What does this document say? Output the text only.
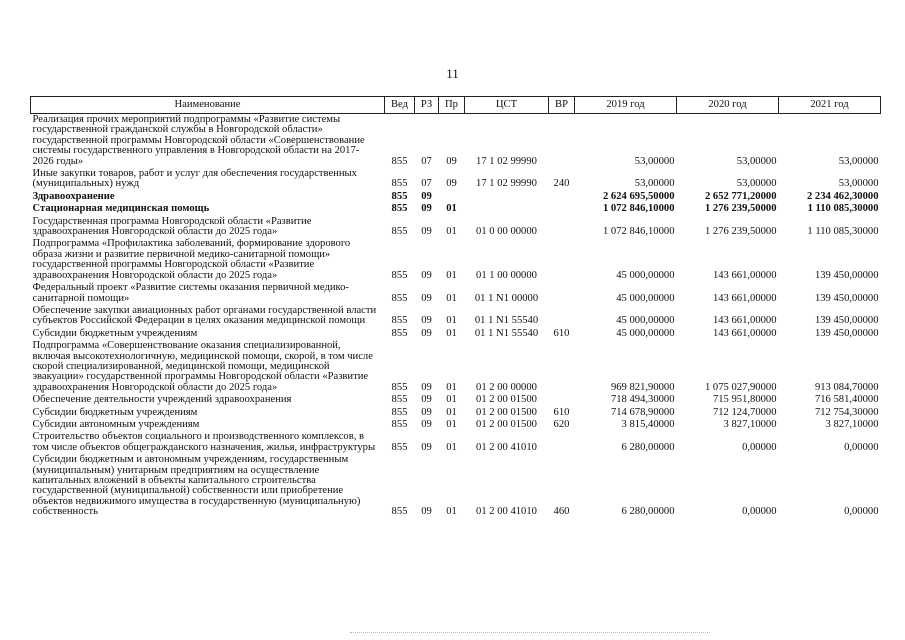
11
Наименование	Вед	РЗ	Пр	ЦСТ	ВР	2019 год	2020 год	2021 год
Реализация прочих мероприятий подпрограммы «Развитие системы государственной гражданской службы в Новгородской области» государственной программы Новгородской области «Совершенствование системы государственного управления в Новгородской области на 2017-2026 годы»	855	07	09	17 1 02 99990		53,00000	53,00000	53,00000
Иные закупки товаров, работ и услуг для обеспечения государственных (муниципальных) нужд	855	07	09	17 1 02 99990	240	53,00000	53,00000	53,00000
Здравоохранение	855	09				2 624 695,50000	2 652 771,20000	2 234 462,30000
Стационарная медицинская помощь	855	09	01			1 072 846,10000	1 276 239,50000	1 110 085,30000
Государственная программа Новгородской области «Развитие здравоохранения Новгородской области до 2025 года»	855	09	01	01 0 00 00000		1 072 846,10000	1 276 239,50000	1 110 085,30000
Подпрограмма «Профилактика заболеваний, формирование здорового образа жизни и развитие первичной медико-санитарной помощи» государственной программы Новгородской области «Развитие здравоохранения Новгородской области до 2025 года»	855	09	01	01 1 00 00000		45 000,00000	143 661,00000	139 450,00000
Федеральный проект «Развитие системы оказания первичной медико-санитарной помощи»	855	09	01	01 1 N1 00000		45 000,00000	143 661,00000	139 450,00000
Обеспечение закупки авиационных работ органами государственной власти субъектов Российской Федерации в целях оказания медицинской помощи	855	09	01	01 1 N1 55540		45 000,00000	143 661,00000	139 450,00000
Субсидии бюджетным учреждениям	855	09	01	01 1 N1 55540	610	45 000,00000	143 661,00000	139 450,00000
Подпрограмма «Совершенствование оказания специализированной, включая высокотехнологичную, медицинской помощи, скорой, в том числе скорой специализированной, медицинской помощи, медицинской эвакуации» государственной программы Новгородской области «Развитие здравоохранения Новгородской области до 2025 года»	855	09	01	01 2 00 00000		969 821,90000	1 075 027,90000	913 084,70000
Обеспечение деятельности учреждений здравоохранения	855	09	01	01 2 00 01500		718 494,30000	715 951,80000	716 581,40000
Субсидии бюджетным учреждениям	855	09	01	01 2 00 01500	610	714 678,90000	712 124,70000	712 754,30000
Субсидии автономным учреждениям	855	09	01	01 2 00 01500	620	3 815,40000	3 827,10000	3 827,10000
Строительство объектов социального и производственного комплексов, в том числе объектов общегражданского назначения, жилья, инфраструктуры	855	09	01	01 2 00 41010		6 280,00000	0,00000	0,00000
Субсидии бюджетным и автономным учреждениям, государственным (муниципальным) унитарным предприятиям на осуществление капитальных вложений в объекты капитального строительства государственной (муниципальной) собственности или приобретение объектов недвижимого имущества в государственную (муниципальную) собственность	855	09	01	01 2 00 41010	460	6 280,00000	0,00000	0,00000
